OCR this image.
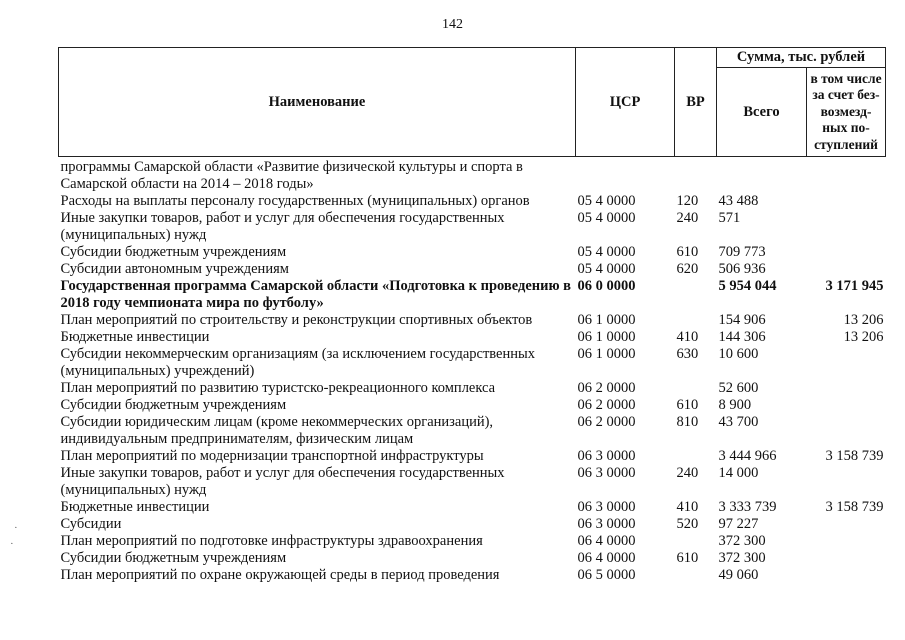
142
Наименование	ЦСР	ВР	Сумма, тыс. рублей	
			Всего	в том числе за счет без-возмезд-ных по-ступлений
программы Самарской области «Развитие физической культуры и спорта в Самарской области на 2014 – 2018 годы»				
Расходы на выплаты персоналу государственных (муниципальных) органов	05 4 0000	120	43 488	
Иные закупки товаров, работ и услуг для обеспечения государственных (муниципальных) нужд	05 4 0000	240	571	
Субсидии бюджетным учреждениям	05 4 0000	610	709 773	
Субсидии автономным учреждениям	05 4 0000	620	506 936	
Государственная программа Самарской области «Подготовка к проведению в 2018 году чемпионата мира по футболу»	06 0 0000		5 954 044	3 171 945
План мероприятий по строительству и реконструкции спортивных объектов	06 1 0000		154 906	13 206
Бюджетные инвестиции	06 1 0000	410	144 306	13 206
Субсидии некоммерческим организациям (за исключением государственных (муниципальных) учреждений)	06 1 0000	630	10 600	
План мероприятий по развитию туристско-рекреационного комплекса	06 2 0000		52 600	
Субсидии бюджетным учреждениям	06 2 0000	610	8 900	
Субсидии юридическим лицам (кроме некоммерческих организаций), индивидуальным предпринимателям, физическим лицам	06 2 0000	810	43 700	
План мероприятий по модернизации транспортной инфраструктуры	06 3 0000		3 444 966	3 158 739
Иные закупки товаров, работ и услуг для обеспечения государственных (муниципальных) нужд	06 3 0000	240	14 000	
Бюджетные инвестиции	06 3 0000	410	3 333 739	3 158 739
Субсидии	06 3 0000	520	97 227	
План мероприятий по подготовке инфраструктуры здравоохранения	06 4 0000		372 300	
Субсидии бюджетным учреждениям	06 4 0000	610	372 300	
План мероприятий по охране окружающей среды в период проведения	06 5 0000		49 060	
·
·
